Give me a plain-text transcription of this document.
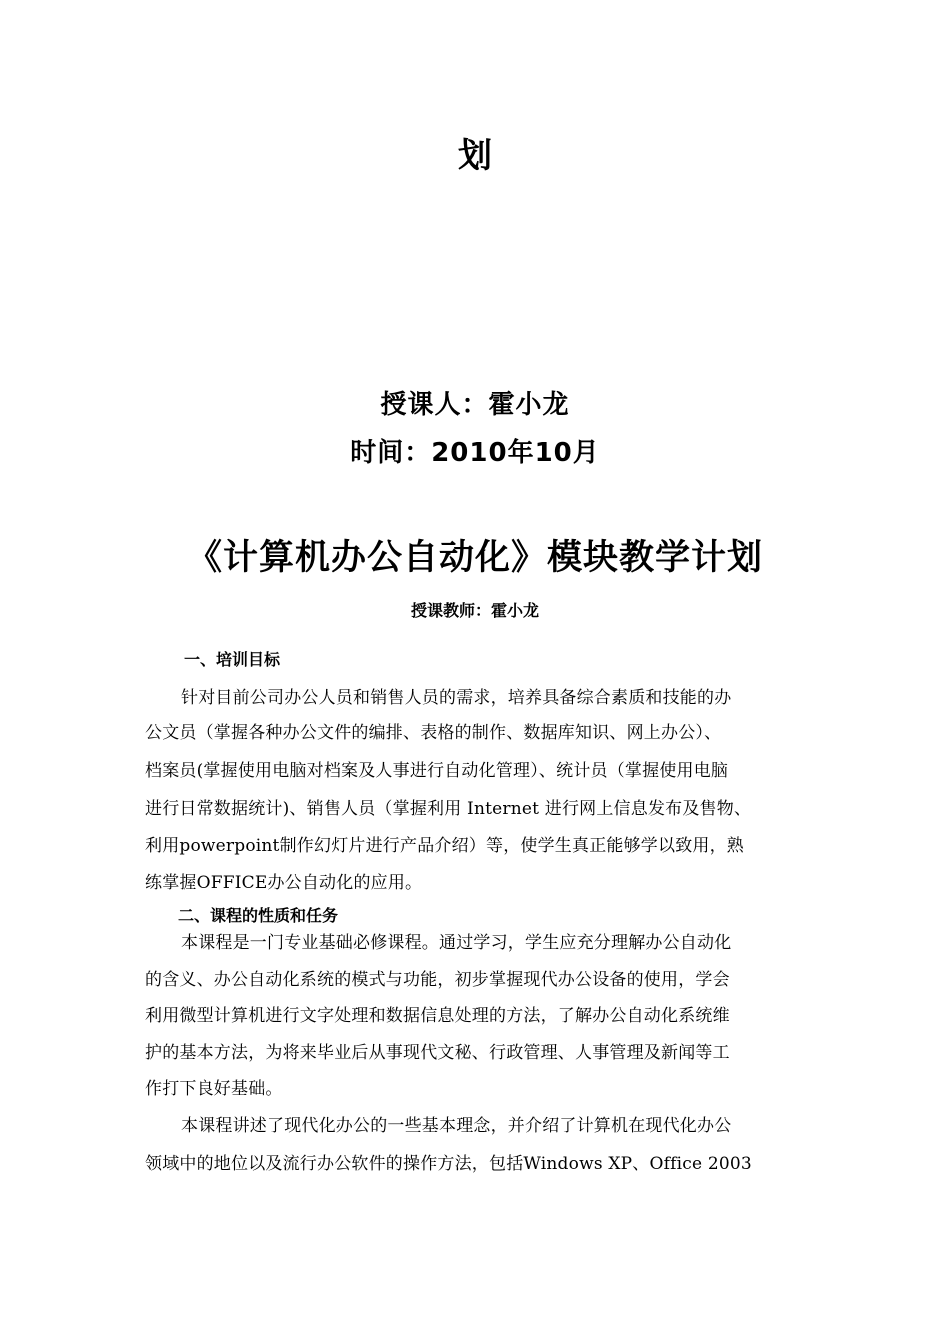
划
授课人：霍小龙
时间：2010年10月
《计算机办公自动化》模块教学计划
授课教师：霍小龙
一、培训目标
针对目前公司办公人员和销售人员的需求，培养具备综合素质和技能的办
公文员（掌握各种办公文件的编排、表格的制作、数据库知识、网上办公）、
档案员(掌握使用电脑对档案及人事进行自动化管理）、统计员（掌握使用电脑
进行日常数据统计)、销售人员（掌握利用 Internet 进行网上信息发布及售物、
利用powerpoint制作幻灯片进行产品介绍）等，使学生真正能够学以致用，熟
练掌握OFFICE办公自动化的应用。
二、课程的性质和任务
本课程是一门专业基础必修课程。通过学习，学生应充分理解办公自动化
的含义、办公自动化系统的模式与功能，初步掌握现代办公设备的使用，学会
利用微型计算机进行文字处理和数据信息处理的方法，了解办公自动化系统维
护的基本方法，为将来毕业后从事现代文秘、行政管理、人事管理及新闻等工
作打下良好基础。
本课程讲述了现代化办公的一些基本理念，并介绍了计算机在现代化办公
领域中的地位以及流行办公软件的操作方法，包括Windows XP、Office 2003
